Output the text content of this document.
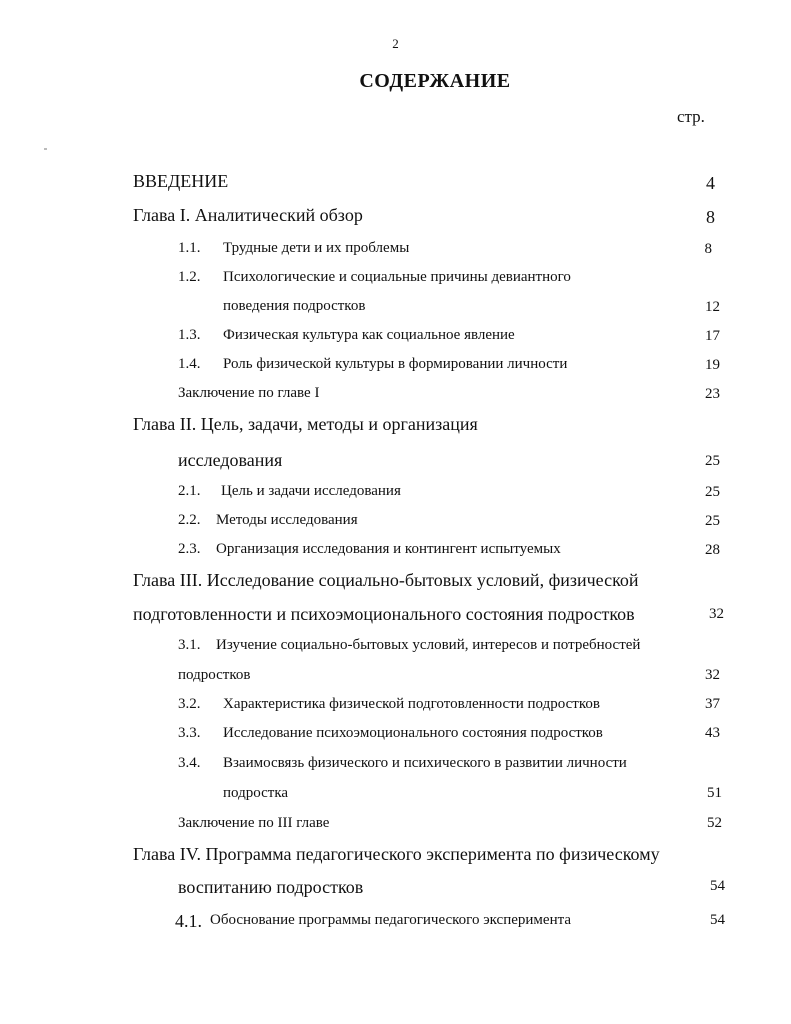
2
СОДЕРЖАНИЕ
стр.
ВВЕДЕНИЕ	4
Глава I. Аналитический обзор	8
1.1. Трудные дети и их проблемы	8
1.2. Психологические и социальные причины девиантного
поведения подростков	12
1.3. Физическая культура как социальное явление	17
1.4. Роль физической культуры в формировании личности	19
Заключение по главе I	23
Глава II. Цель, задачи, методы и организация
исследования	25
2.1. Цель и задачи исследования	25
2.2. Методы исследования	25
2.3. Организация исследования и контингент испытуемых	28
Глава III. Исследование социально-бытовых условий, физической
подготовленности и психоэмоционального состояния подростков	32
3.1. Изучение социально-бытовых условий, интересов и потребностей
подростков	32
3.2. Характеристика физической подготовленности подростков	37
3.3. Исследование психоэмоционального состояния подростков	43
3.4. Взаимосвязь физического и психического в развитии личности
подростка	51
Заключение по III главе	52
Глава IV. Программа педагогического эксперимента по физическому
воспитанию подростков	54
4.1. Обоснование программы педагогического эксперимента	54
